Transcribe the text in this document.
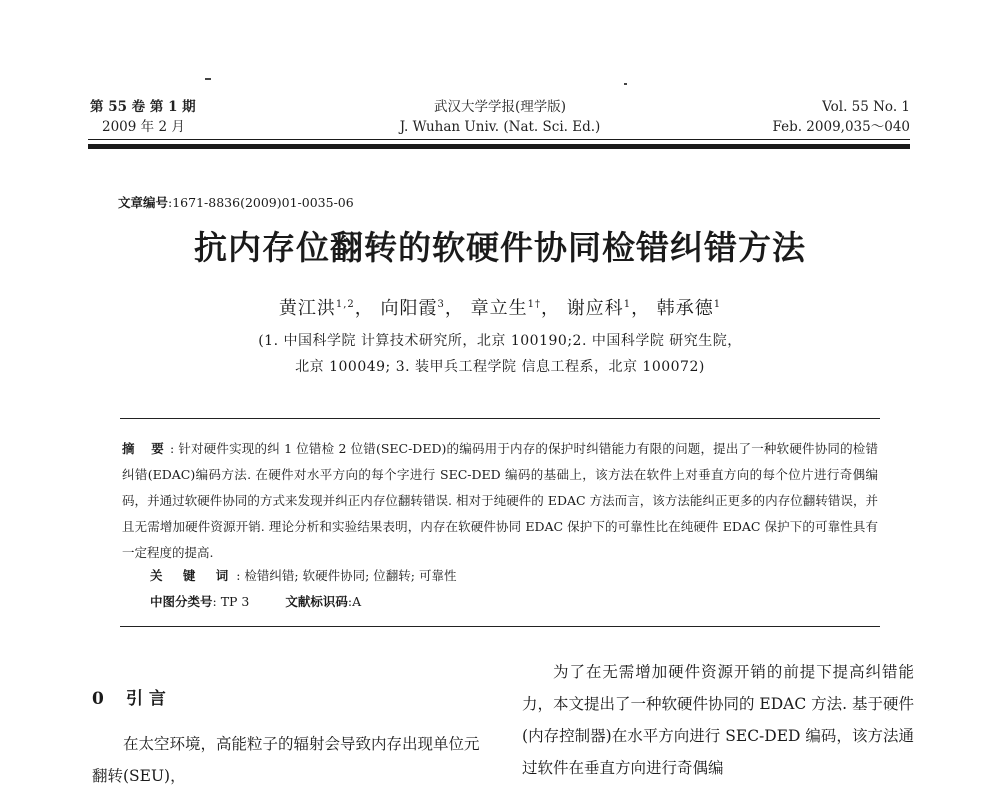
第 55 卷 第 1 期
2009 年 2 月
武汉大学学报(理学版)
J. Wuhan Univ. (Nat. Sci. Ed.)
Vol. 55 No. 1
Feb. 2009,035～040
文章编号:1671-8836(2009)01-0035-06
抗内存位翻转的软硬件协同检错纠错方法
黄江洪$^{1,2}$， 向阳霞$^3$， 章立生$^{1\dagger}$， 谢应科$^1$， 韩承德$^1$
(1. 中国科学院 计算技术研究所，北京 100190;2. 中国科学院 研究生院，
北京 100049; 3. 装甲兵工程学院 信息工程系，北京 100072)
摘 要: 针对硬件实现的纠 1 位错检 2 位错(SEC-DED)的编码用于内存的保护时纠错能力有限的问题，提出了一种软硬件协同的检错纠错(EDAC)编码方法. 在硬件对水平方向的每个字进行 SEC-DED 编码的基础上，该方法在软件上对垂直方向的每个位片进行奇偶编码，并通过软硬件协同的方式来发现并纠正内存位翻转错误. 相对于纯硬件的 EDAC 方法而言，该方法能纠正更多的内存位翻转错误，并且无需增加硬件资源开销. 理论分析和实验结果表明，内存在软硬件协同 EDAC 保护下的可靠性比在纯硬件 EDAC 保护下的可靠性具有一定程度的提高.
关 键 词: 检错纠错; 软硬件协同; 位翻转; 可靠性
中图分类号: TP 3	文献标识码:A
0 引 言
在太空环境，高能粒子的辐射会导致内存出现单位元翻转(SEU)，
为了在无需增加硬件资源开销的前提下提高纠错能力，本文提出了一种软硬件协同的 EDAC 方法. 基于硬件(内存控制器)在水平方向进行 SEC-DED 编码，该方法通过软件在垂直方向进行奇偶编
